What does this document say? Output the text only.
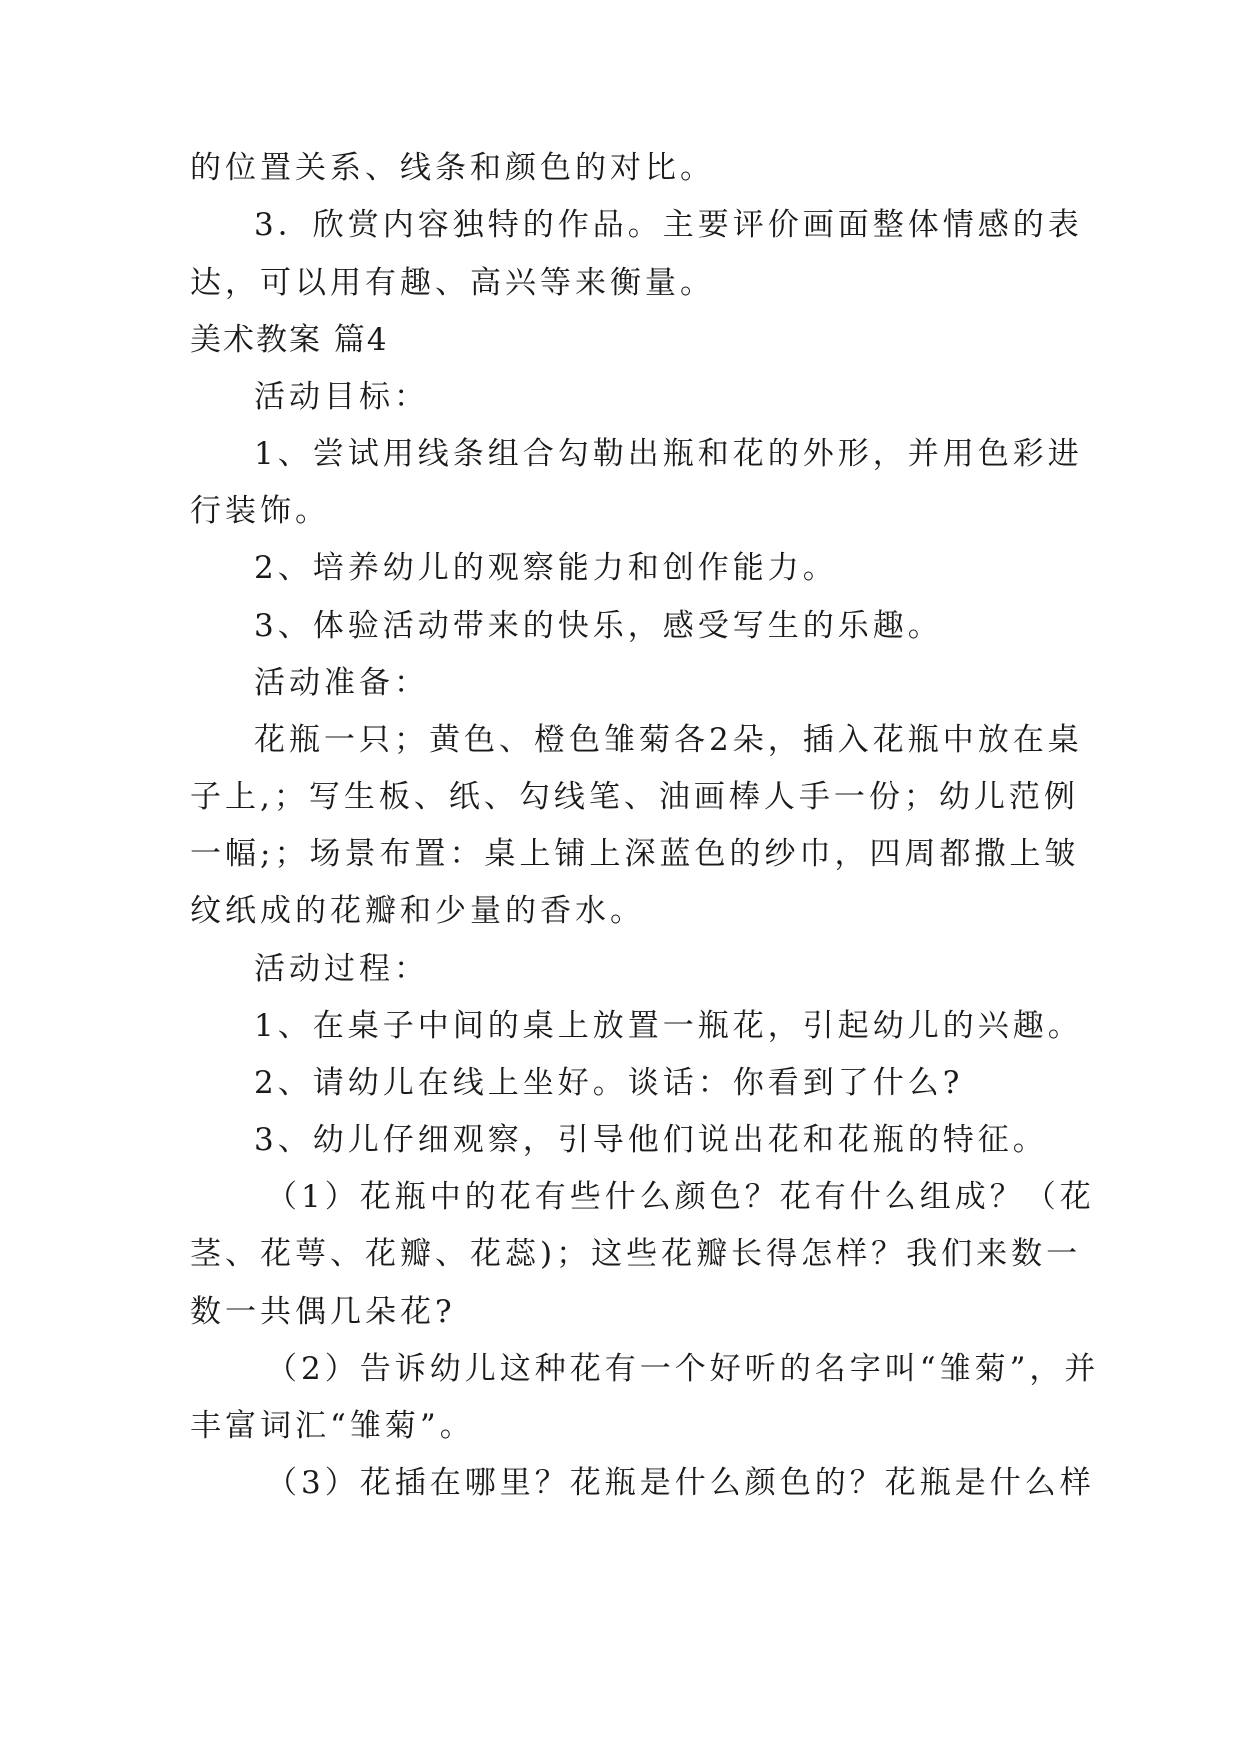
的位置关系、线条和颜色的对比。
3．欣赏内容独特的作品。主要评价画面整体情感的表
达，可以用有趣、高兴等来衡量。
美术教案 篇4
活动目标：
1、尝试用线条组合勾勒出瓶和花的外形，并用色彩进
行装饰。
2、培养幼儿的观察能力和创作能力。
3、体验活动带来的快乐，感受写生的乐趣。
活动准备：
花瓶一只；黄色、橙色雏菊各2朵，插入花瓶中放在桌
子上,；写生板、纸、勾线笔、油画棒人手一份；幼儿范例
一幅;；场景布置：桌上铺上深蓝色的纱巾，四周都撒上皱
纹纸成的花瓣和少量的香水。
活动过程：
1、在桌子中间的桌上放置一瓶花，引起幼儿的兴趣。
2、请幼儿在线上坐好。谈话：你看到了什么?
3、幼儿仔细观察，引导他们说出花和花瓶的特征。
（1）花瓶中的花有些什么颜色？花有什么组成？（花
茎、花萼、花瓣、花蕊)；这些花瓣长得怎样？我们来数一
数一共偶几朵花?
（2）告诉幼儿这种花有一个好听的名字叫“雏菊”，并
丰富词汇“雏菊”。
（3）花插在哪里？花瓶是什么颜色的？花瓶是什么样
